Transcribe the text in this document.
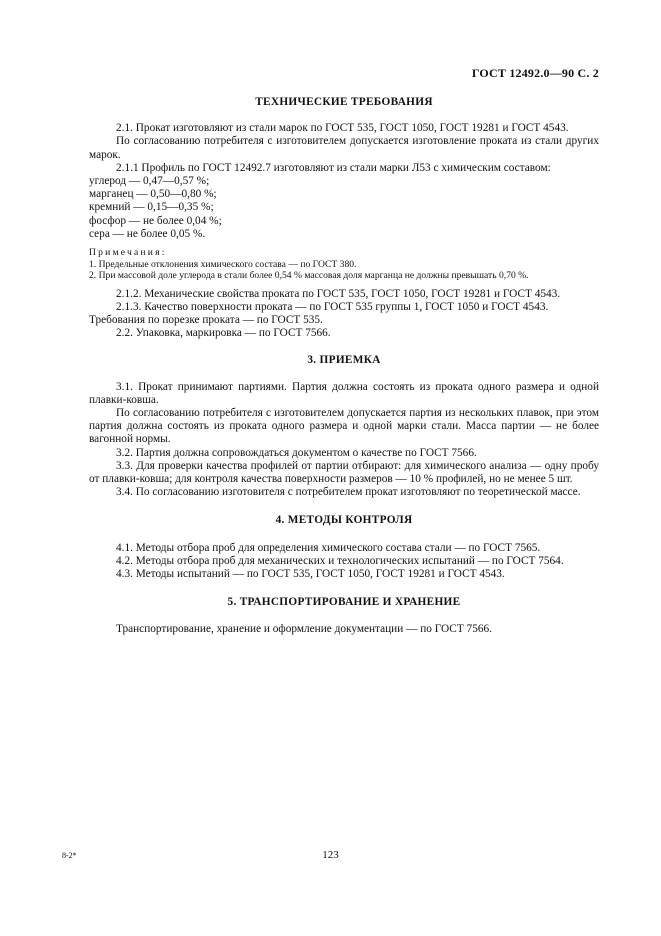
ГОСТ 12492.0—90 С. 2
ТЕХНИЧЕСКИЕ ТРЕБОВАНИЯ

2.1. Прокат изготовляют из стали марок по ГОСТ 535, ГОСТ 1050, ГОСТ 19281 и ГОСТ 4543.

По согласованию потребителя с изготовителем допускается изготовление проката из стали других марок.

2.1.1 Профиль по ГОСТ 12492.7 изготовляют из стали марки Л53 с химическим составом:

углерод — 0,47—0,57 %;

марганец — 0,50—0,80 %;

кремний — 0,15—0,35 %;

фосфор — не более 0,04 %;

сера — не более 0,05 %.

Примечания:

1. Предельные отклонения химического состава — по ГОСТ 380.

2. При массовой доле углерода в стали более 0,54 % массовая доля марганца не должны превышать 0,70 %.

2.1.2. Механические свойства проката по ГОСТ 535, ГОСТ 1050, ГОСТ 19281 и ГОСТ 4543.

2.1.3. Качество поверхности проката — по ГОСТ 535 группы 1, ГОСТ 1050 и ГОСТ 4543.

Требования по порезке проката — по ГОСТ 535.

2.2. Упаковка, маркировка — по ГОСТ 7566.

3. ПРИЕМКА

3.1. Прокат принимают партиями. Партия должна состоять из проката одного размера и одной плавки-ковша.

По согласованию потребителя с изготовителем допускается партия из нескольких плавок, при этом партия должна состоять из проката одного размера и одной марки стали. Масса партии — не более вагонной нормы.

3.2. Партия должна сопровождаться документом о качестве по ГОСТ 7566.

3.3. Для проверки качества профилей от партии отбирают: для химического анализа — одну пробу от плавки-ковша; для контроля качества поверхности размеров — 10 % профилей, но не менее 5 шт.

3.4. По согласованию изготовителя с потребителем прокат изготовляют по теоретической массе.

4. МЕТОДЫ КОНТРОЛЯ

4.1. Методы отбора проб для определения химического состава стали — по ГОСТ 7565.

4.2. Методы отбора проб для механических и технологических испытаний — по ГОСТ 7564.

4.3. Методы испытаний — по ГОСТ 535, ГОСТ 1050, ГОСТ 19281 и ГОСТ 4543.

5. ТРАНСПОРТИРОВАНИЕ И ХРАНЕНИЕ

Транспортирование, хранение и оформление документации — по ГОСТ 7566.

8-2*	123
